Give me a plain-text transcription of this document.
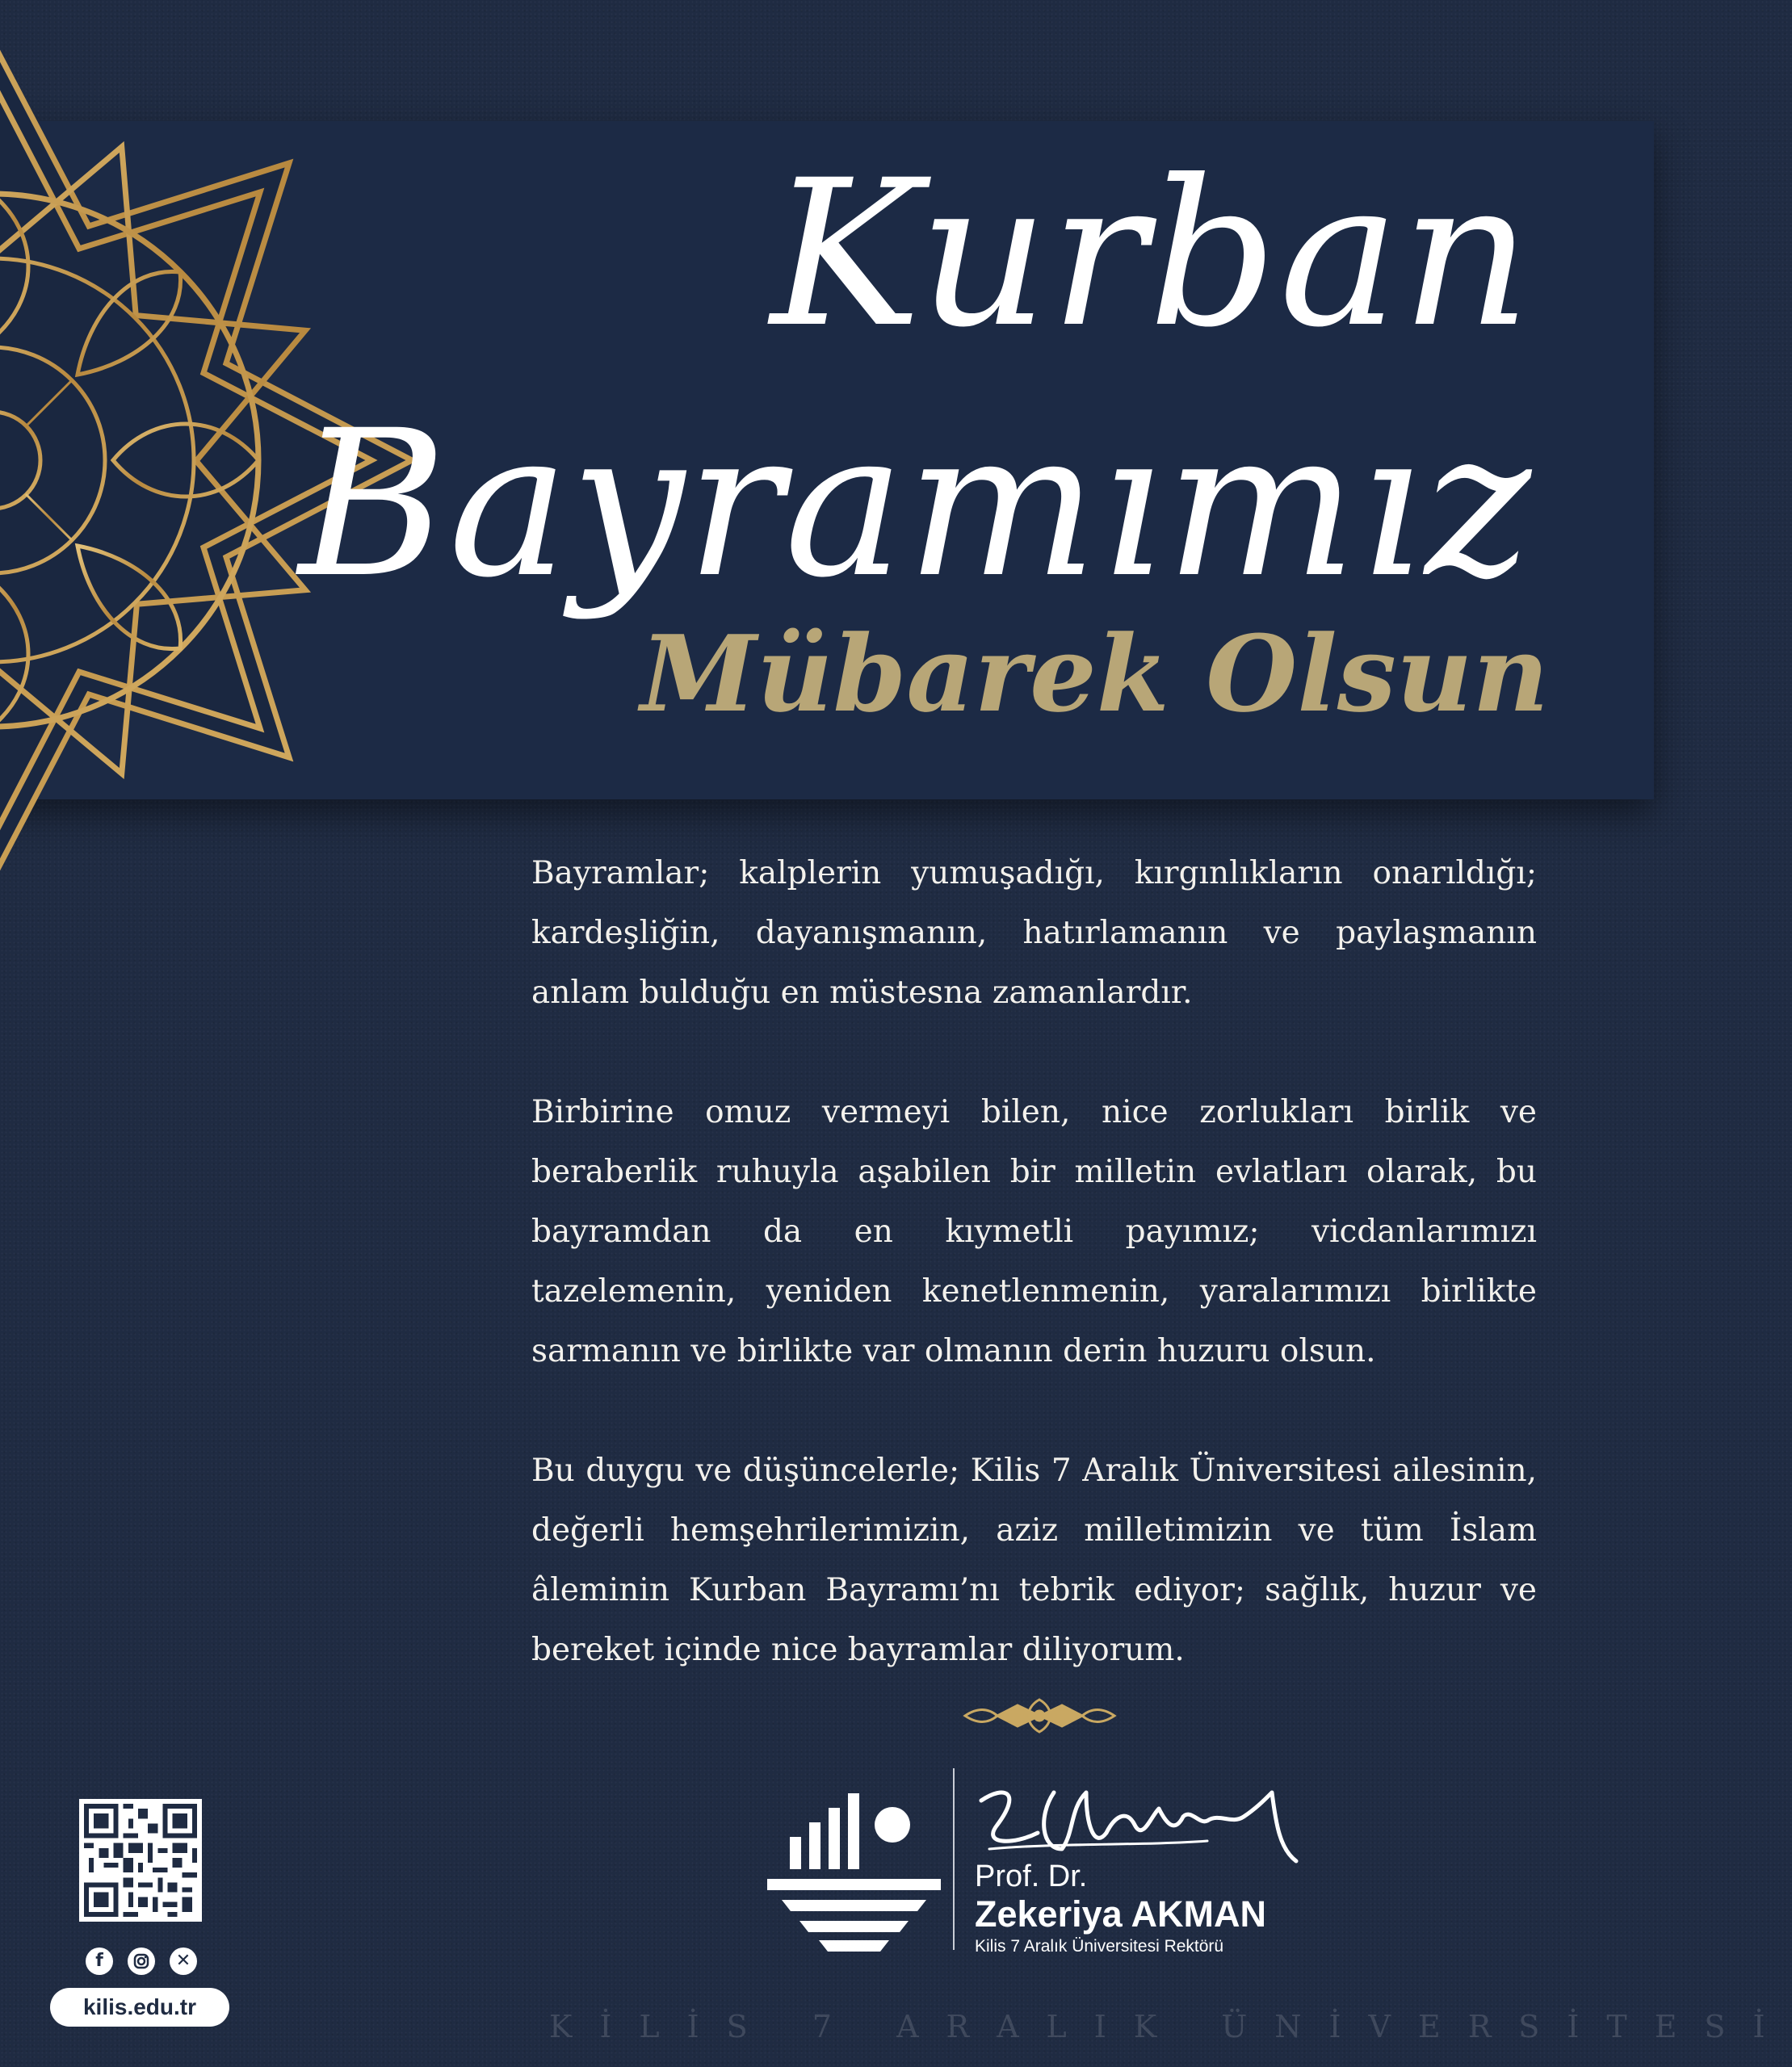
Kurban
Bayramımız
Mübarek Olsun

Bayramlar; kalplerin yumuşadığı, kırgınlıkların onarıldığı; kardeşliğin, dayanışmanın, hatırlamanın ve paylaşmanın anlam bulduğu en müstesna zamanlardır.

Birbirine omuz vermeyi bilen, nice zorlukları birlik ve beraberlik ruhuyla aşabilen bir milletin evlatları olarak, bu bayramdan da en kıymetli payımız; vicdanlarımızı tazelemenin, yeniden kenetlenmenin, yaralarımızı birlikte sarmanın ve birlikte var olmanın derin huzuru olsun.

Bu duygu ve düşüncelerle; Kilis 7 Aralık Üniversitesi ailesinin, değerli hemşehrilerimizin, aziz milletimizin ve tüm İslam âleminin Kurban Bayramı’nı tebrik ediyor; sağlık, huzur ve bereket içinde nice bayramlar diliyorum.

Prof. Dr.

Zekeriya AKMAN

Kilis 7 Aralık Üniversitesi Rektörü

f	✕
kilis.edu.tr

KİLİS 7 ARALIK ÜNİVERSİTESİ
